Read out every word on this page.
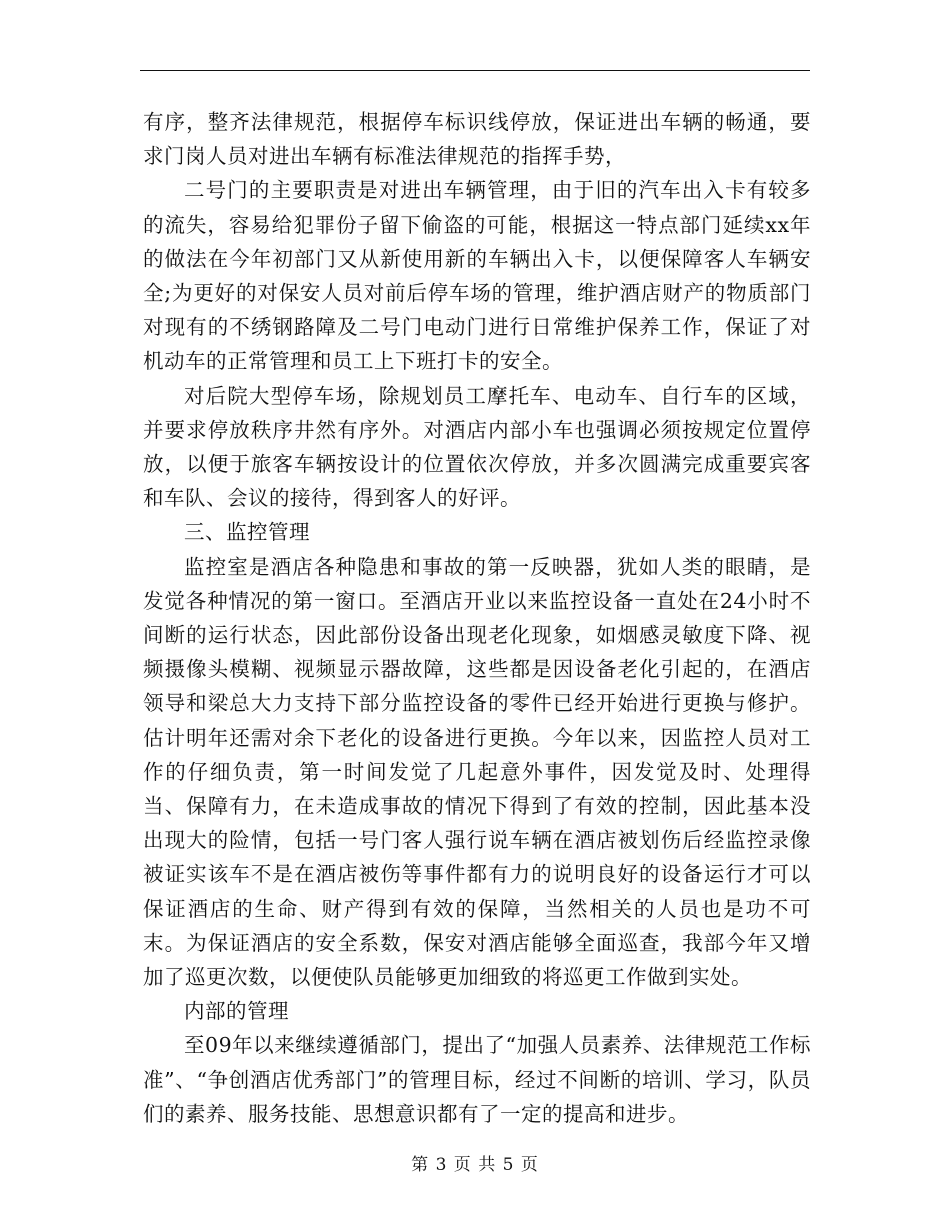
有序，整齐法律规范，根据停车标识线停放，保证进出车辆的畅通，要求门岗人员对进出车辆有标准法律规范的指挥手势，

二号门的主要职责是对进出车辆管理，由于旧的汽车出入卡有较多的流失，容易给犯罪份子留下偷盗的可能，根据这一特点部门延续xx年的做法在今年初部门又从新使用新的车辆出入卡，以便保障客人车辆安全;为更好的对保安人员对前后停车场的管理，维护酒店财产的物质部门对现有的不绣钢路障及二号门电动门进行日常维护保养工作，保证了对机动车的正常管理和员工上下班打卡的安全。

对后院大型停车场，除规划员工摩托车、电动车、自行车的区域，并要求停放秩序井然有序外。对酒店内部小车也强调必须按规定位置停放，以便于旅客车辆按设计的位置依次停放，并多次圆满完成重要宾客和车队、会议的接待，得到客人的好评。

三、监控管理

监控室是酒店各种隐患和事故的第一反映器，犹如人类的眼睛，是发觉各种情况的第一窗口。至酒店开业以来监控设备一直处在24小时不间断的运行状态，因此部份设备出现老化现象，如烟感灵敏度下降、视频摄像头模糊、视频显示器故障，这些都是因设备老化引起的，在酒店领导和梁总大力支持下部分监控设备的零件已经开始进行更换与修护。估计明年还需对余下老化的设备进行更换。今年以来，因监控人员对工作的仔细负责，第一时间发觉了几起意外事件，因发觉及时、处理得当、保障有力，在未造成事故的情况下得到了有效的控制，因此基本没出现大的险情，包括一号门客人强行说车辆在酒店被划伤后经监控录像被证实该车不是在酒店被伤等事件都有力的说明良好的设备运行才可以保证酒店的生命、财产得到有效的保障，当然相关的人员也是功不可末。为保证酒店的安全系数，保安对酒店能够全面巡查，我部今年又增加了巡更次数，以便使队员能够更加细致的将巡更工作做到实处。

内部的管理

至09年以来继续遵循部门，提出了“加强人员素养、法律规范工作标准”、“争创酒店优秀部门”的管理目标，经过不间断的培训、学习，队员们的素养、服务技能、思想意识都有了一定的提高和进步。

第 3 页 共 5 页
